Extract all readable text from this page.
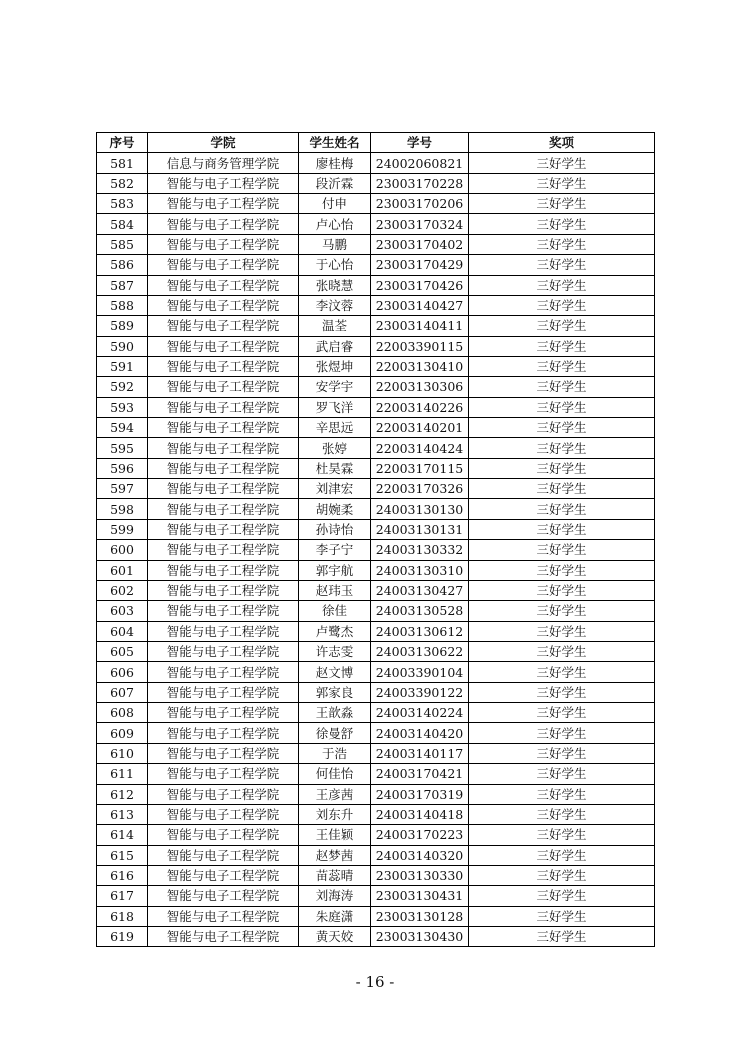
序号	学院	学生姓名	学号	奖项
581	信息与商务管理学院	廖桂梅	24002060821	三好学生
582	智能与电子工程学院	段沂霖	23003170228	三好学生
583	智能与电子工程学院	付申	23003170206	三好学生
584	智能与电子工程学院	卢心怡	23003170324	三好学生
585	智能与电子工程学院	马鹏	23003170402	三好学生
586	智能与电子工程学院	于心怡	23003170429	三好学生
587	智能与电子工程学院	张晓慧	23003170426	三好学生
588	智能与电子工程学院	李汶蓉	23003140427	三好学生
589	智能与电子工程学院	温荃	23003140411	三好学生
590	智能与电子工程学院	武启睿	22003390115	三好学生
591	智能与电子工程学院	张煜坤	22003130410	三好学生
592	智能与电子工程学院	安学宇	22003130306	三好学生
593	智能与电子工程学院	罗飞洋	22003140226	三好学生
594	智能与电子工程学院	辛思远	22003140201	三好学生
595	智能与电子工程学院	张婷	22003140424	三好学生
596	智能与电子工程学院	杜昊霖	22003170115	三好学生
597	智能与电子工程学院	刘津宏	22003170326	三好学生
598	智能与电子工程学院	胡婉柔	24003130130	三好学生
599	智能与电子工程学院	孙诗怡	24003130131	三好学生
600	智能与电子工程学院	李子宁	24003130332	三好学生
601	智能与电子工程学院	郭宇航	24003130310	三好学生
602	智能与电子工程学院	赵玮玉	24003130427	三好学生
603	智能与电子工程学院	徐佳	24003130528	三好学生
604	智能与电子工程学院	卢鹭杰	24003130612	三好学生
605	智能与电子工程学院	许志雯	24003130622	三好学生
606	智能与电子工程学院	赵文博	24003390104	三好学生
607	智能与电子工程学院	郭家良	24003390122	三好学生
608	智能与电子工程学院	王歆淼	24003140224	三好学生
609	智能与电子工程学院	徐曼舒	24003140420	三好学生
610	智能与电子工程学院	于浩	24003140117	三好学生
611	智能与电子工程学院	何佳怡	24003170421	三好学生
612	智能与电子工程学院	王彦茜	24003170319	三好学生
613	智能与电子工程学院	刘东升	24003140418	三好学生
614	智能与电子工程学院	王佳颖	24003170223	三好学生
615	智能与电子工程学院	赵梦茜	24003140320	三好学生
616	智能与电子工程学院	苗蕊晴	23003130330	三好学生
617	智能与电子工程学院	刘海涛	23003130431	三好学生
618	智能与电子工程学院	朱庭潇	23003130128	三好学生
619	智能与电子工程学院	黄天姣	23003130430	三好学生
- 16 -
